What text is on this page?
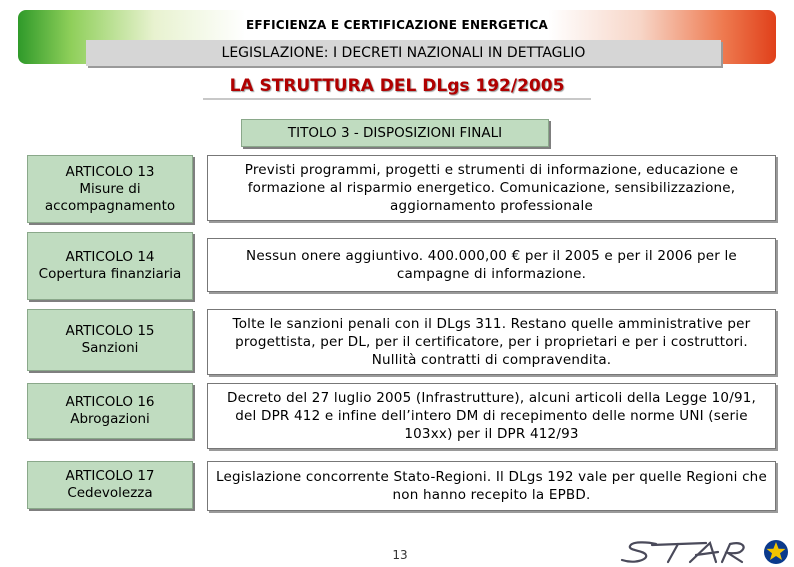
EFFICIENZA E CERTIFICAZIONE ENERGETICA
LEGISLAZIONE: I DECRETI NAZIONALI IN DETTAGLIO
LA STRUTTURA DEL DLgs 192/2005
TITOLO 3 - DISPOSIZIONI FINALI
ARTICOLO 13
Misure di accompagnamento
Previsti programmi, progetti e strumenti di informazione, educazione e formazione al risparmio energetico. Comunicazione, sensibilizzazione, aggiornamento professionale
ARTICOLO 14
Copertura finanziaria
Nessun onere aggiuntivo. 400.000,00 € per il 2005 e per il 2006 per le campagne di informazione.
ARTICOLO 15
Sanzioni
Tolte le sanzioni penali con il DLgs 311. Restano quelle amministrative per progettista, per DL, per il certificatore, per i proprietari e per i costruttori. Nullità contratti di compravendita.
ARTICOLO 16
Abrogazioni
Decreto del 27 luglio 2005 (Infrastrutture), alcuni articoli della Legge 10/91, del DPR 412 e infine dell’intero DM di recepimento delle norme UNI (serie 103xx) per il DPR 412/93
ARTICOLO 17
Cedevolezza
Legislazione concorrente Stato-Regioni. Il DLgs 192 vale per quelle Regioni che non hanno recepito la EPBD.
13
